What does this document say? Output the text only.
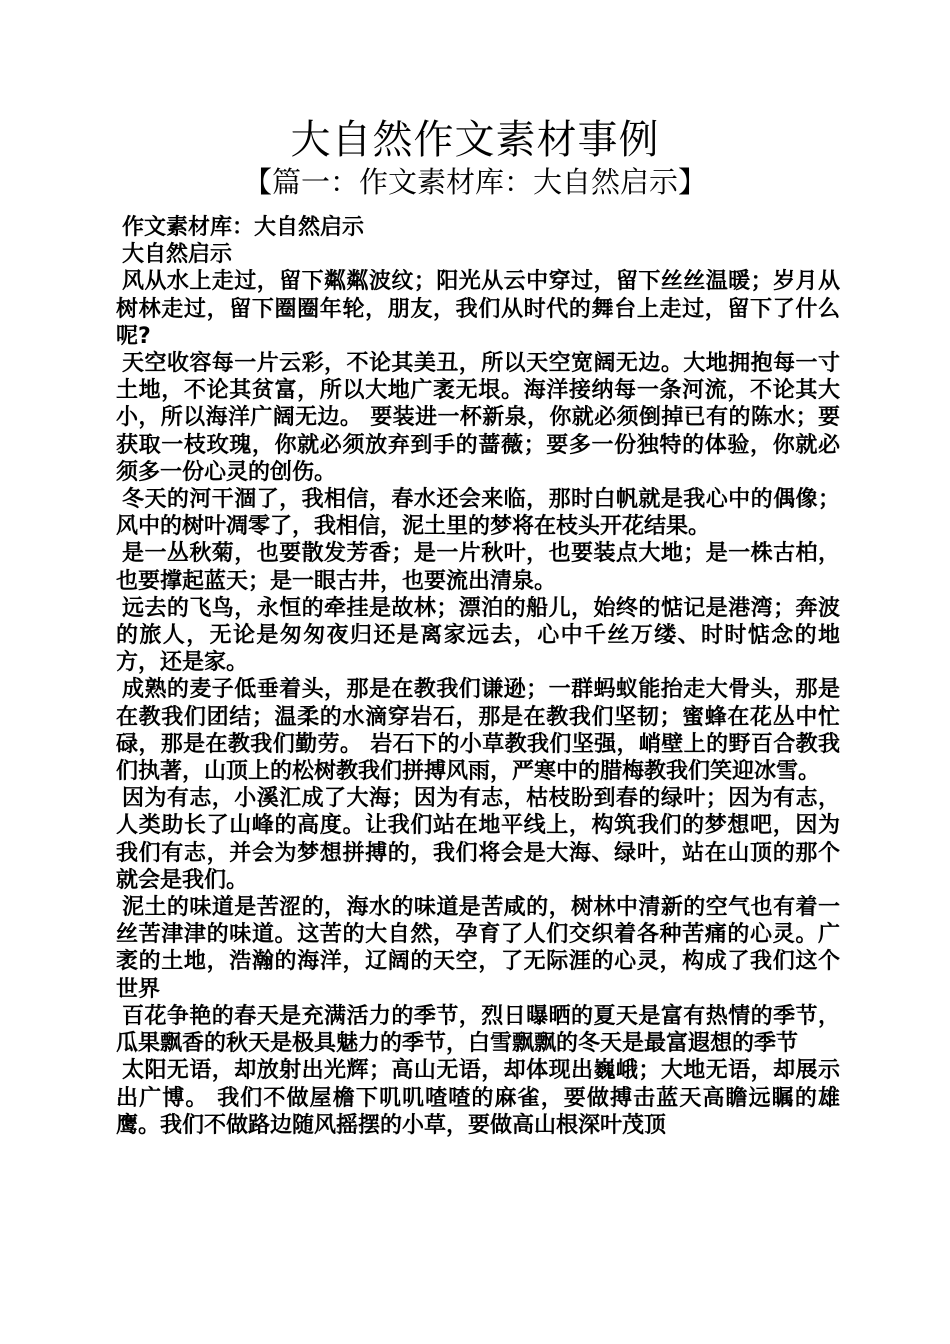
大自然作文素材事例
【篇一：作文素材库：大自然启示】

作文素材库：大自然启示

大自然启示

风从水上走过，留下粼粼波纹；阳光从云中穿过，留下丝丝温暖；岁月从树林走过，留下圈圈年轮，朋友，我们从时代的舞台上走过，留下了什么呢?

天空收容每一片云彩，不论其美丑，所以天空宽阔无边。大地拥抱每一寸土地，不论其贫富，所以大地广袤无垠。海洋接纳每一条河流，不论其大小，所以海洋广阔无边。 要装进一杯新泉，你就必须倒掉已有的陈水；要获取一枝玫瑰，你就必须放弃到手的蔷薇；要多一份独特的体验，你就必须多一份心灵的创伤。

冬天的河干涸了，我相信，春水还会来临，那时白帆就是我心中的偶像；风中的树叶凋零了，我相信，泥土里的梦将在枝头开花结果。

是一丛秋菊，也要散发芳香；是一片秋叶，也要装点大地；是一株古柏，也要撑起蓝天；是一眼古井，也要流出清泉。

远去的飞鸟，永恒的牵挂是故林；漂泊的船儿，始终的惦记是港湾；奔波的旅人，无论是匆匆夜归还是离家远去，心中千丝万缕、时时惦念的地方，还是家。

成熟的麦子低垂着头，那是在教我们谦逊；一群蚂蚁能抬走大骨头，那是在教我们团结；温柔的水滴穿岩石，那是在教我们坚韧；蜜蜂在花丛中忙碌，那是在教我们勤劳。 岩石下的小草教我们坚强，峭壁上的野百合教我们执著，山顶上的松树教我们拼搏风雨，严寒中的腊梅教我们笑迎冰雪。

因为有志，小溪汇成了大海；因为有志，枯枝盼到春的绿叶；因为有志，人类助长了山峰的高度。让我们站在地平线上，构筑我们的梦想吧，因为我们有志，并会为梦想拼搏的，我们将会是大海、绿叶，站在山顶的那个就会是我们。

泥土的味道是苦涩的，海水的味道是苦咸的，树林中清新的空气也有着一丝苦津津的味道。这苦的大自然，孕育了人们交织着各种苦痛的心灵。广袤的土地，浩瀚的海洋，辽阔的天空，了无际涯的心灵，构成了我们这个世界

百花争艳的春天是充满活力的季节，烈日曝晒的夏天是富有热情的季节，瓜果飘香的秋天是极具魅力的季节，白雪飘飘的冬天是最富遐想的季节

太阳无语，却放射出光辉；高山无语，却体现出巍峨；大地无语，却展示出广博。 我们不做屋檐下叽叽喳喳的麻雀，要做搏击蓝天高瞻远瞩的雄鹰。我们不做路边随风摇摆的小草，要做高山根深叶茂顶
